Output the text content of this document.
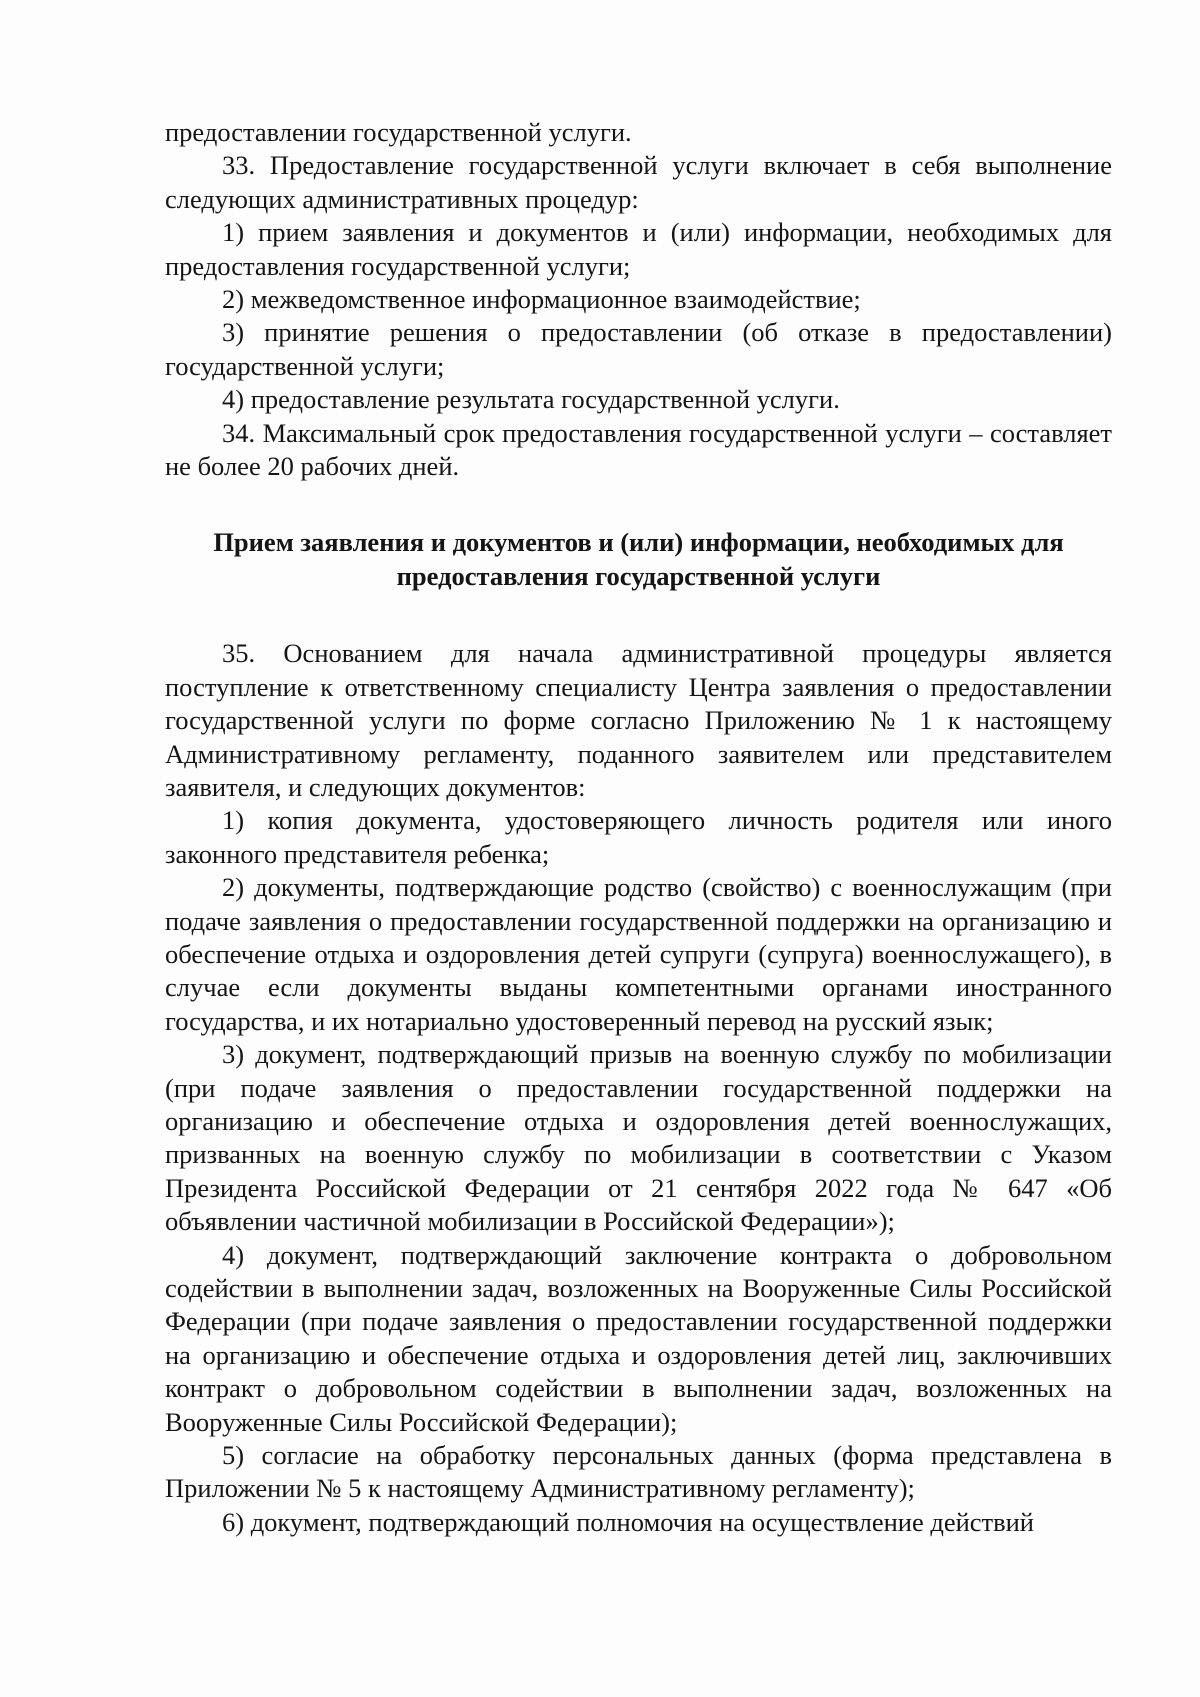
предоставлении государственной услуги.

33. Предоставление государственной услуги включает в себя выполнение следующих административных процедур:

1) прием заявления и документов и (или) информации, необходимых для предоставления государственной услуги;

2) межведомственное информационное взаимодействие;

3) принятие решения о предоставлении (об отказе в предоставлении) государственной услуги;

4) предоставление результата государственной услуги.

34. Максимальный срок предоставления государственной услуги – составляет не более 20 рабочих дней.

Прием заявления и документов и (или) информации, необходимых для предоставления государственной услуги

35. Основанием для начала административной процедуры является поступление к ответственному специалисту Центра заявления о предоставлении государственной услуги по форме согласно Приложению № 1 к настоящему Административному регламенту, поданного заявителем или представителем заявителя, и следующих документов:

1) копия документа, удостоверяющего личность родителя или иного законного представителя ребенка;

2) документы, подтверждающие родство (свойство) с военнослужащим (при подаче заявления о предоставлении государственной поддержки на организацию и обеспечение отдыха и оздоровления детей супруги (супруга) военнослужащего), в случае если документы выданы компетентными органами иностранного государства, и их нотариально удостоверенный перевод на русский язык;

3) документ, подтверждающий призыв на военную службу по мобилизации (при подаче заявления о предоставлении государственной поддержки на организацию и обеспечение отдыха и оздоровления детей военнослужащих, призванных на военную службу по мобилизации в соответствии с Указом Президента Российской Федерации от 21 сентября 2022 года № 647 «Об объявлении частичной мобилизации в Российской Федерации»);

4) документ, подтверждающий заключение контракта о добровольном содействии в выполнении задач, возложенных на Вооруженные Силы Российской Федерации (при подаче заявления о предоставлении государственной поддержки на организацию и обеспечение отдыха и оздоровления детей лиц, заключивших контракт о добровольном содействии в выполнении задач, возложенных на Вооруженные Силы Российской Федерации);

5) согласие на обработку персональных данных (форма представлена в Приложении № 5 к настоящему Административному регламенту);

6) документ, подтверждающий полномочия на осуществление действий
